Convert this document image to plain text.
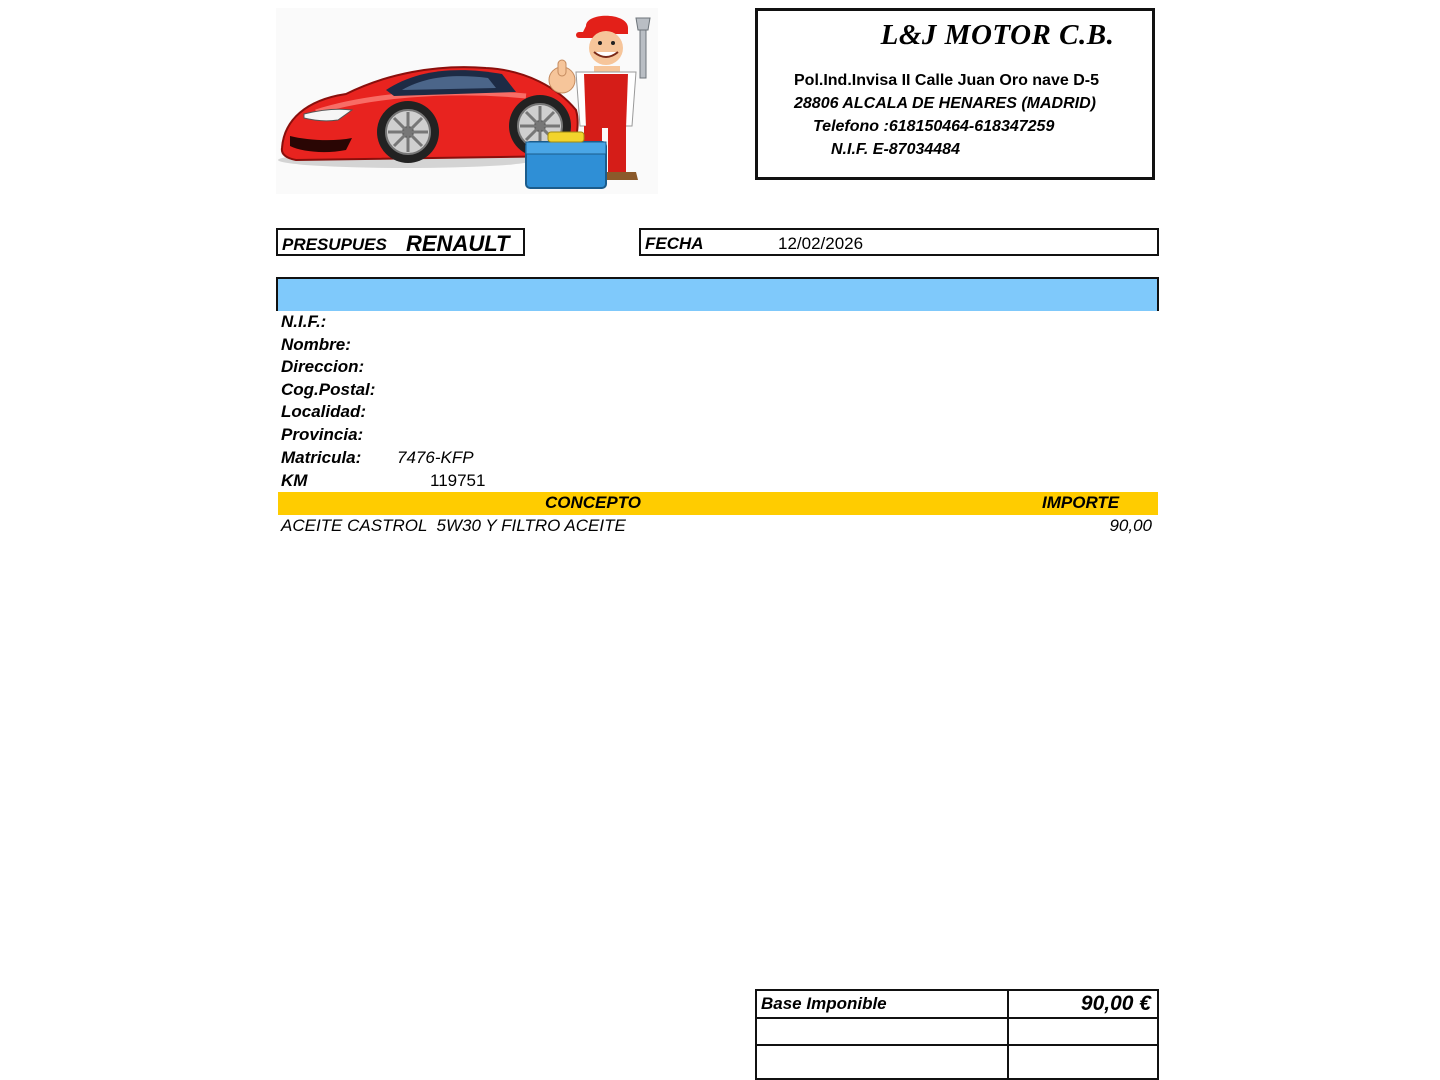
L&J MOTOR C.B.
Pol.Ind.Invisa II Calle Juan Oro nave D-5
28806 ALCALA DE HENARES (MADRID)
Telefono :618150464-618347259
N.I.F. E-87034484
PRESUPUES RENAULT	FECHA	12/02/2026
N.I.F.:
Nombre:
Direccion:
Cog.Postal:
Localidad:
Provincia:
Matricula: 7476-KFP
KM	119751
CONCEPTO	IMPORTE
ACEITE CASTROL  5W30 Y FILTRO ACEITE	90,00
Base Imponible	90,00 €
